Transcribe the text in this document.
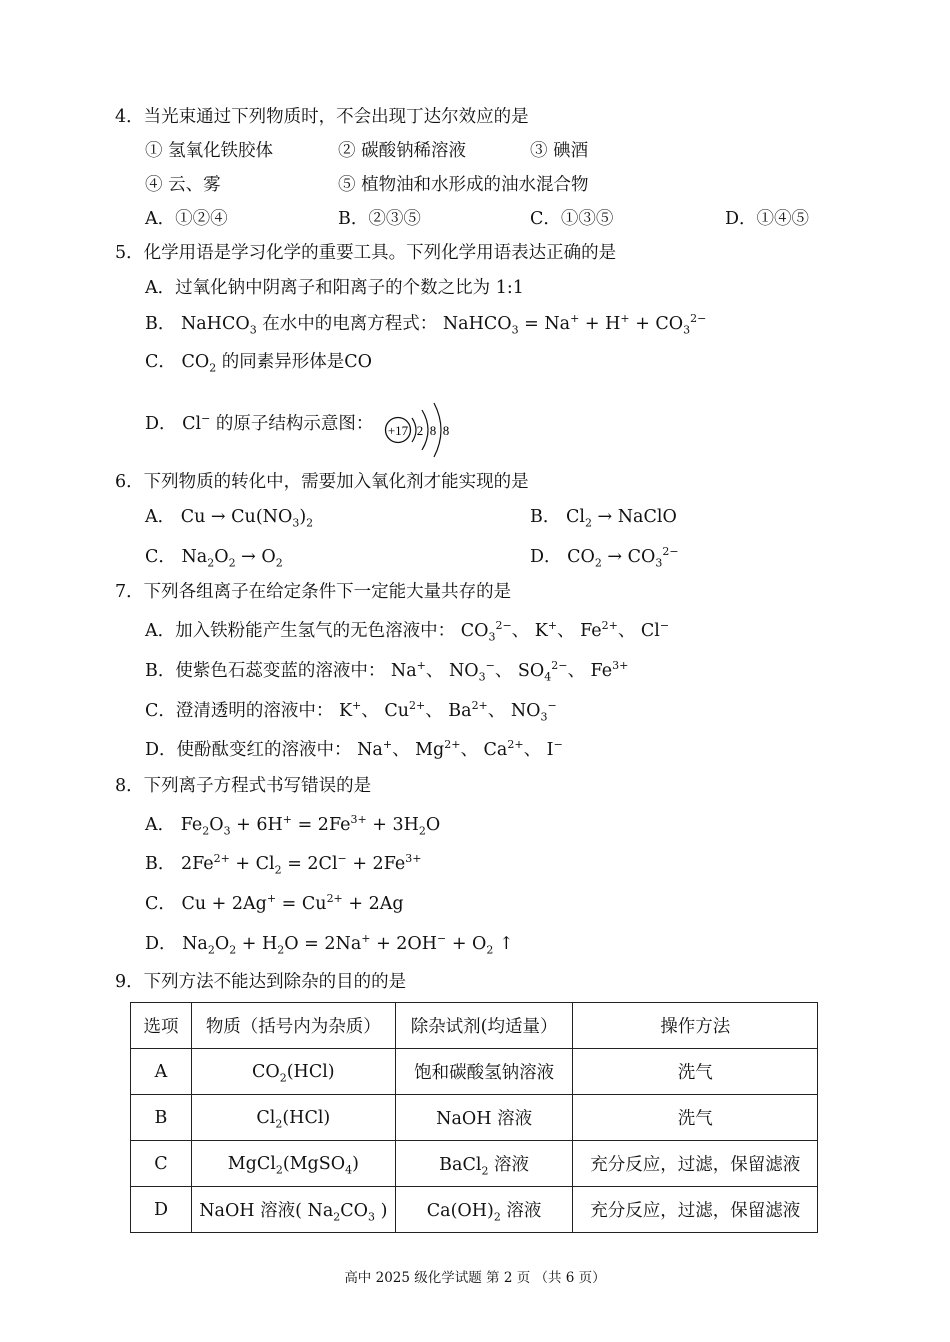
4．当光束通过下列物质时，不会出现丁达尔效应的是
① 氢氧化铁胶体	② 碳酸钠稀溶液	③ 碘酒
④ 云、雾	⑤ 植物油和水形成的油水混合物
A．①②④	B．②③⑤	C．①③⑤	D．①④⑤
5．化学用语是学习化学的重要工具。下列化学用语表达正确的是
A．过氧化钠中阴离子和阳离子的个数之比为 1:1
B． NaHCO$_3$ 在水中的电离方程式： NaHCO$_3$ = $Na^+ + H^+ + CO_3^{2-}$
C． $CO_2$ 的同素异形体是CO
D． Cl− 的原子结构示意图： +17 2 8 8
6．下列物质的转化中，需要加入氧化剂才能实现的是
A． $Cu \to Cu(NO_3)_2$	B． $Cl_2$ → NaClO
C． $Na_2O_2 \to O_2$	D． $CO_2 \to CO_3^{2-}$
7．下列各组离子在给定条件下一定能大量共存的是
A．加入铁粉能产生氢气的无色溶液中： $CO_3^{2-}$、 K+、 $Fe^{2+}$、 Cl−
B．使紫色石蕊变蓝的溶液中： Na+、 $NO_3^-$、 $SO_4^{2-}$、 $Fe^{3+}$
C．澄清透明的溶液中： K+、 $Cu^{2+}$、 $Ba^{2+}$、 $NO_3^-$
D．使酚酞变红的溶液中： Na+、 $Mg^{2+}$、 $Ca^{2+}$、 I−
8．下列离子方程式书写错误的是
A． $Fe_2O_3 + 6H^+ = 2Fe^{3+} + 3H_2O$
B． $2Fe^{2+} + Cl_2 = 2Cl^- + 2Fe^{3+}$
C． $Cu + 2Ag^+ = Cu^{2+} + 2Ag$
D． $Na_2O_2 + H_2O = 2Na^+ + 2OH^- + O_2$ ↑
9．下列方法不能达到除杂的目的的是
选项	物质（括号内为杂质）	除杂试剂(均适量）	操作方法
A	$CO_2(HCl)$	饱和碳酸氢钠溶液	洗气
B	$Cl_2(HCl)$	NaOH 溶液	洗气
C	MgCl$_2$(MgSO$_4$)	BaCl$_2$ 溶液	充分反应，过滤，保留滤液
D	NaOH 溶液( $Na_2CO_3$ )	$Ca(OH)_2$ 溶液	充分反应，过滤，保留滤液
高中 2025 级化学试题 第 2 页 （共 6 页）
